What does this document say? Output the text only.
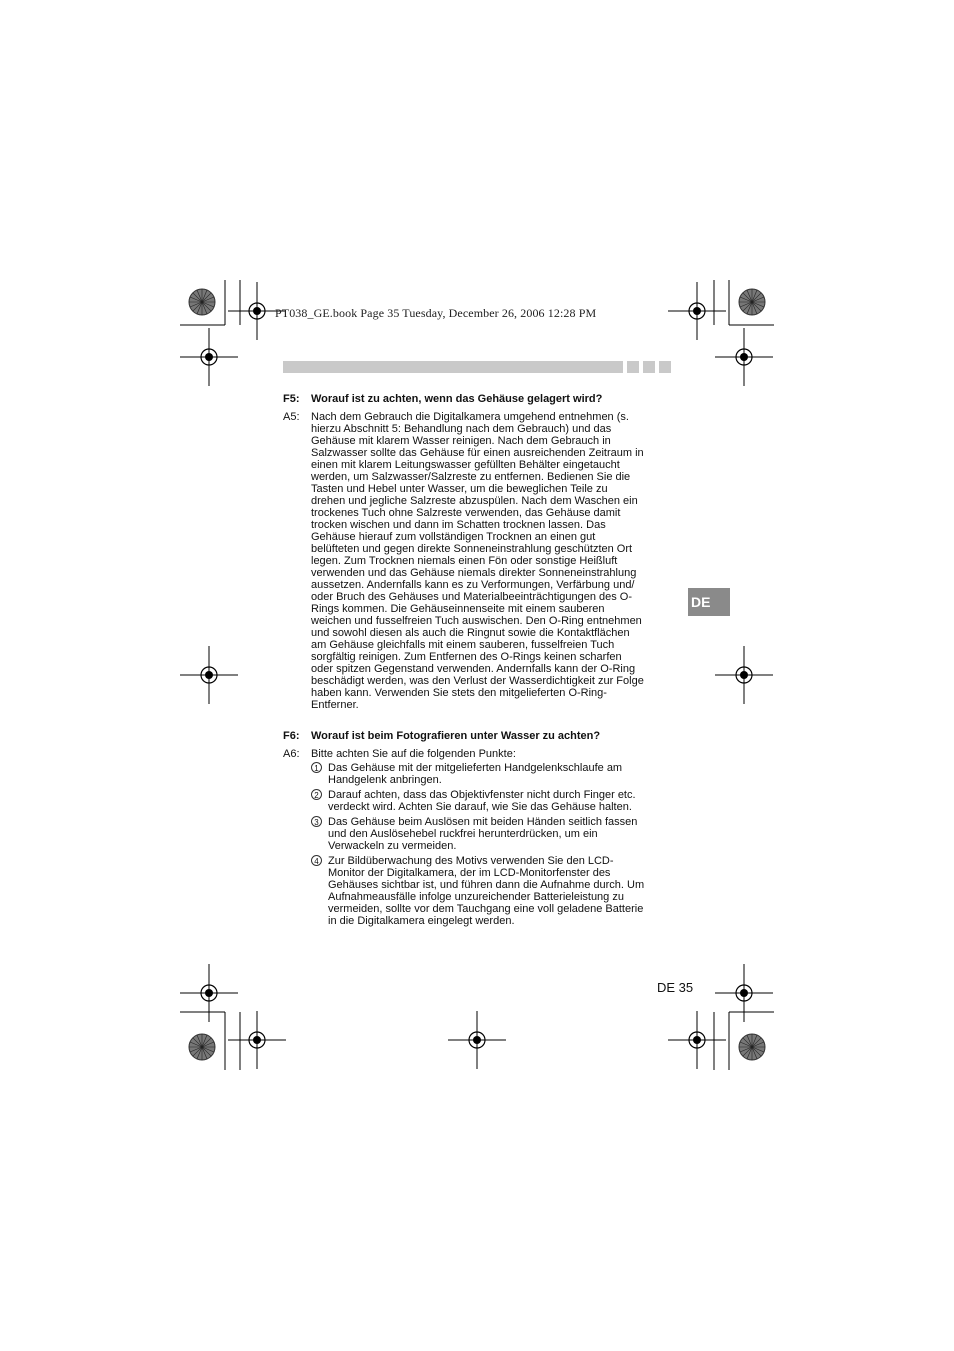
PT038_GE.book Page 35 Tuesday, December 26, 2006 12:28 PM
F5:	Worauf ist zu achten, wenn das Gehäuse gelagert wird?
A5:	Nach dem Gebrauch die Digitalkamera umgehend entnehmen (s.
hierzu Abschnitt 5: Behandlung nach dem Gebrauch) und das
Gehäuse mit klarem Wasser reinigen. Nach dem Gebrauch in
Salzwasser sollte das Gehäuse für einen ausreichenden Zeitraum in
einen mit klarem Leitungswasser gefüllten Behälter eingetaucht
werden, um Salzwasser/Salzreste zu entfernen. Bedienen Sie die
Tasten und Hebel unter Wasser, um die beweglichen Teile zu
drehen und jegliche Salzreste abzuspülen. Nach dem Waschen ein
trockenes Tuch ohne Salzreste verwenden, das Gehäuse damit
trocken wischen und dann im Schatten trocknen lassen. Das
Gehäuse hierauf zum vollständigen Trocknen an einen gut
belüfteten und gegen direkte Sonneneinstrahlung geschützten Ort
legen. Zum Trocknen niemals einen Fön oder sonstige Heißluft
verwenden und das Gehäuse niemals direkter Sonneneinstrahlung
aussetzen. Andernfalls kann es zu Verformungen, Verfärbung und/
oder Bruch des Gehäuses und Materialbeeinträchtigungen des O-
Rings kommen. Die Gehäuseinnenseite mit einem sauberen
weichen und fusselfreien Tuch auswischen. Den O-Ring entnehmen
und sowohl diesen als auch die Ringnut sowie die Kontaktflächen
am Gehäuse gleichfalls mit einem sauberen, fusselfreien Tuch
sorgfältig reinigen. Zum Entfernen des O-Rings keinen scharfen
oder spitzen Gegenstand verwenden. Andernfalls kann der O-Ring
beschädigt werden, was den Verlust der Wasserdichtigkeit zur Folge
haben kann. Verwenden Sie stets den mitgelieferten O-Ring-
Entferner.
DE
F6:	Worauf ist beim Fotografieren unter Wasser zu achten?
A6:	Bitte achten Sie auf die folgenden Punkte:
1 Das Gehäuse mit der mitgelieferten Handgelenkschlaufe am
Handgelenk anbringen.
2 Darauf achten, dass das Objektivfenster nicht durch Finger etc.
verdeckt wird. Achten Sie darauf, wie Sie das Gehäuse halten.
3 Das Gehäuse beim Auslösen mit beiden Händen seitlich fassen
und den Auslösehebel ruckfrei herunterdrücken, um ein
Verwackeln zu vermeiden.
4 Zur Bildüberwachung des Motivs verwenden Sie den LCD-
Monitor der Digitalkamera, der im LCD-Monitorfenster des
Gehäuses sichtbar ist, und führen dann die Aufnahme durch. Um
Aufnahmeausfälle infolge unzureichender Batterieleistung zu
vermeiden, sollte vor dem Tauchgang eine voll geladene Batterie
in die Digitalkamera eingelegt werden.
DE 35
